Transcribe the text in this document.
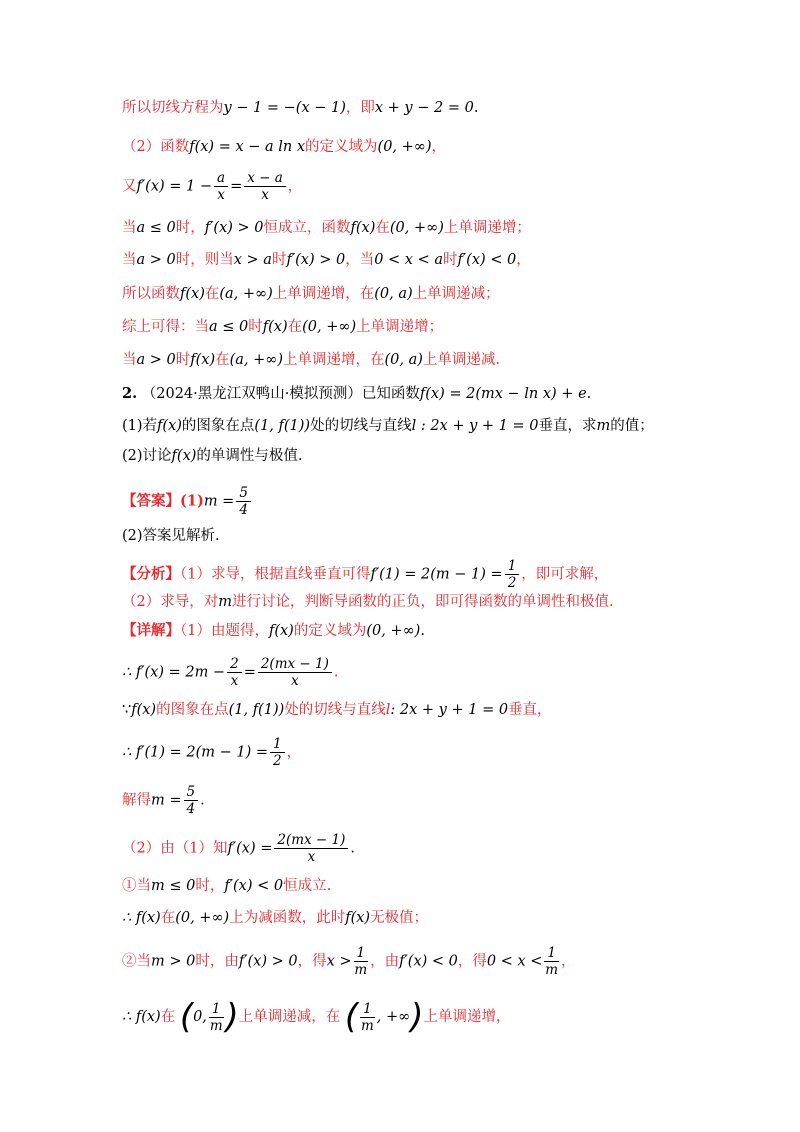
所以切线方程为y − 1 = −(x − 1)，即x + y − 2 = 0.
（2）函数f(x) = x − a ln x的定义域为(0, +∞)，
又$f'(x) = 1 - \frac{a}{x} = \frac{x - a}{x}$ ，
当a ≤ 0时，f′(x) > 0恒成立，函数f(x)在(0, +∞)上单调递增；
当a > 0时，则当x > a时f′(x) > 0，当0 < x < a时f′(x) < 0，
所以函数f(x)在(a, +∞)上单调递增，在(0, a)上单调递减；
综上可得：当a ≤ 0时f(x)在(0, +∞)上单调递增；
当a > 0时f(x)在(a, +∞)上单调递增，在(0, a)上单调递减.
2. （2024·黑龙江双鸭山·模拟预测）已知函数f(x) = 2(mx − ln x) + e.
(1)若f(x)的图象在点(1, f(1))处的切线与直线l : 2x + y + 1 = 0垂直，求m的值；
(2)讨论f(x)的单调性与极值.
【答案】$(1)m = \frac{5}{4}$
(2)答案见解析.
【分析】（1）求导，根据直线垂直可得$f'(1) = 2(m - 1) = \frac{1}{2}$ ，即可求解，
（2）求导，对m进行讨论，判断导函数的正负，即可得函数的单调性和极值.
【详解】（1）由题得，f(x)的定义域为(0, +∞).
∴ $f'(x) = 2m - \frac{2}{x} = \frac{2(mx - 1)}{x}$ .
∵f(x)的图象在点(1, f(1))处的切线与直线l: 2x + y + 1 = 0垂直，
∴ $f'(1) = 2(m - 1) = \frac{1}{2}$ ，
解得$m = \frac{5}{4}$ .
（2）由（1）知$f'(x) = \frac{2(mx - 1)}{x}$ .
①当m ≤ 0时，f′(x) < 0恒成立.
∴ f(x)在(0, +∞)上为减函数，此时f(x)无极值；
②当m > 0时，由f′(x) > 0，得$x > \frac{1}{m}$ ，由f′(x) < 0，得$0 < x < \frac{1}{m}$ ，
∴ f(x)在 ( 0, $\frac{1}{m}$ ) 上单调递减，在 ( $\frac{1}{m}$ , +∞ ) 上单调递增，
